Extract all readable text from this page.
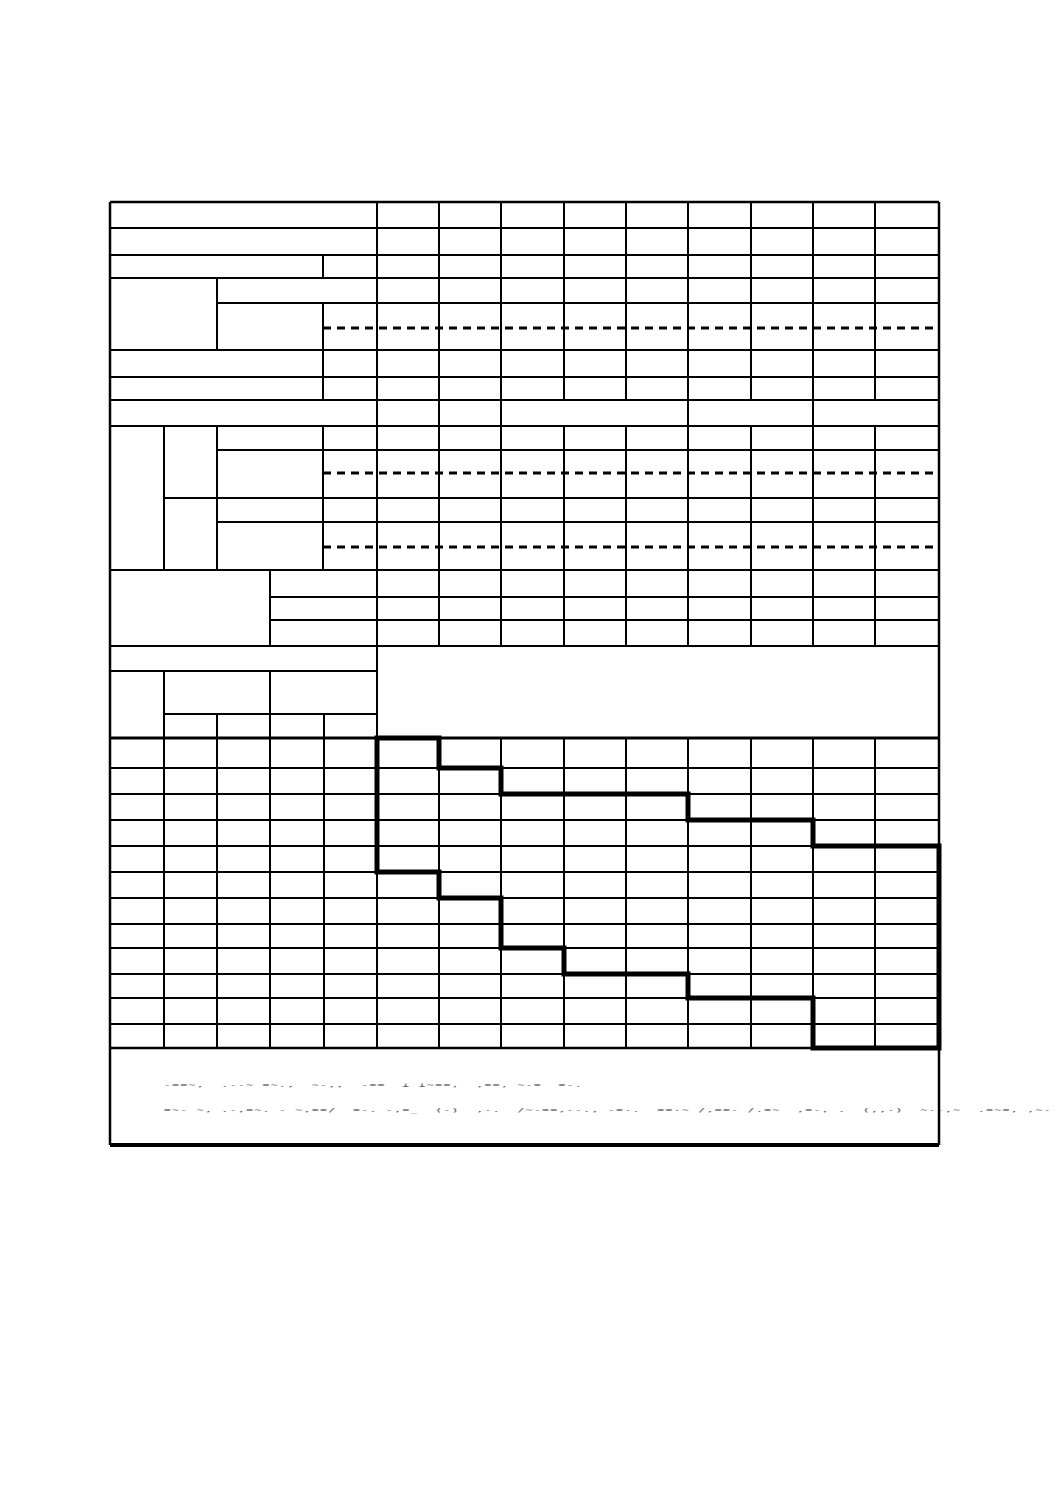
-==~,  .--~ =~.,  ~-,,  -==  ⊥ ⊥~==,  ,==, ~-=  =-.
=~- ~, .-,=~. - ~,==/  =-. -,=_  (-)  ,-.  /~-==,--., -=-.  ==-~ /,==- /.=~  ,=-, .  (,,-)  ~--,~  .=~=, ,~-
